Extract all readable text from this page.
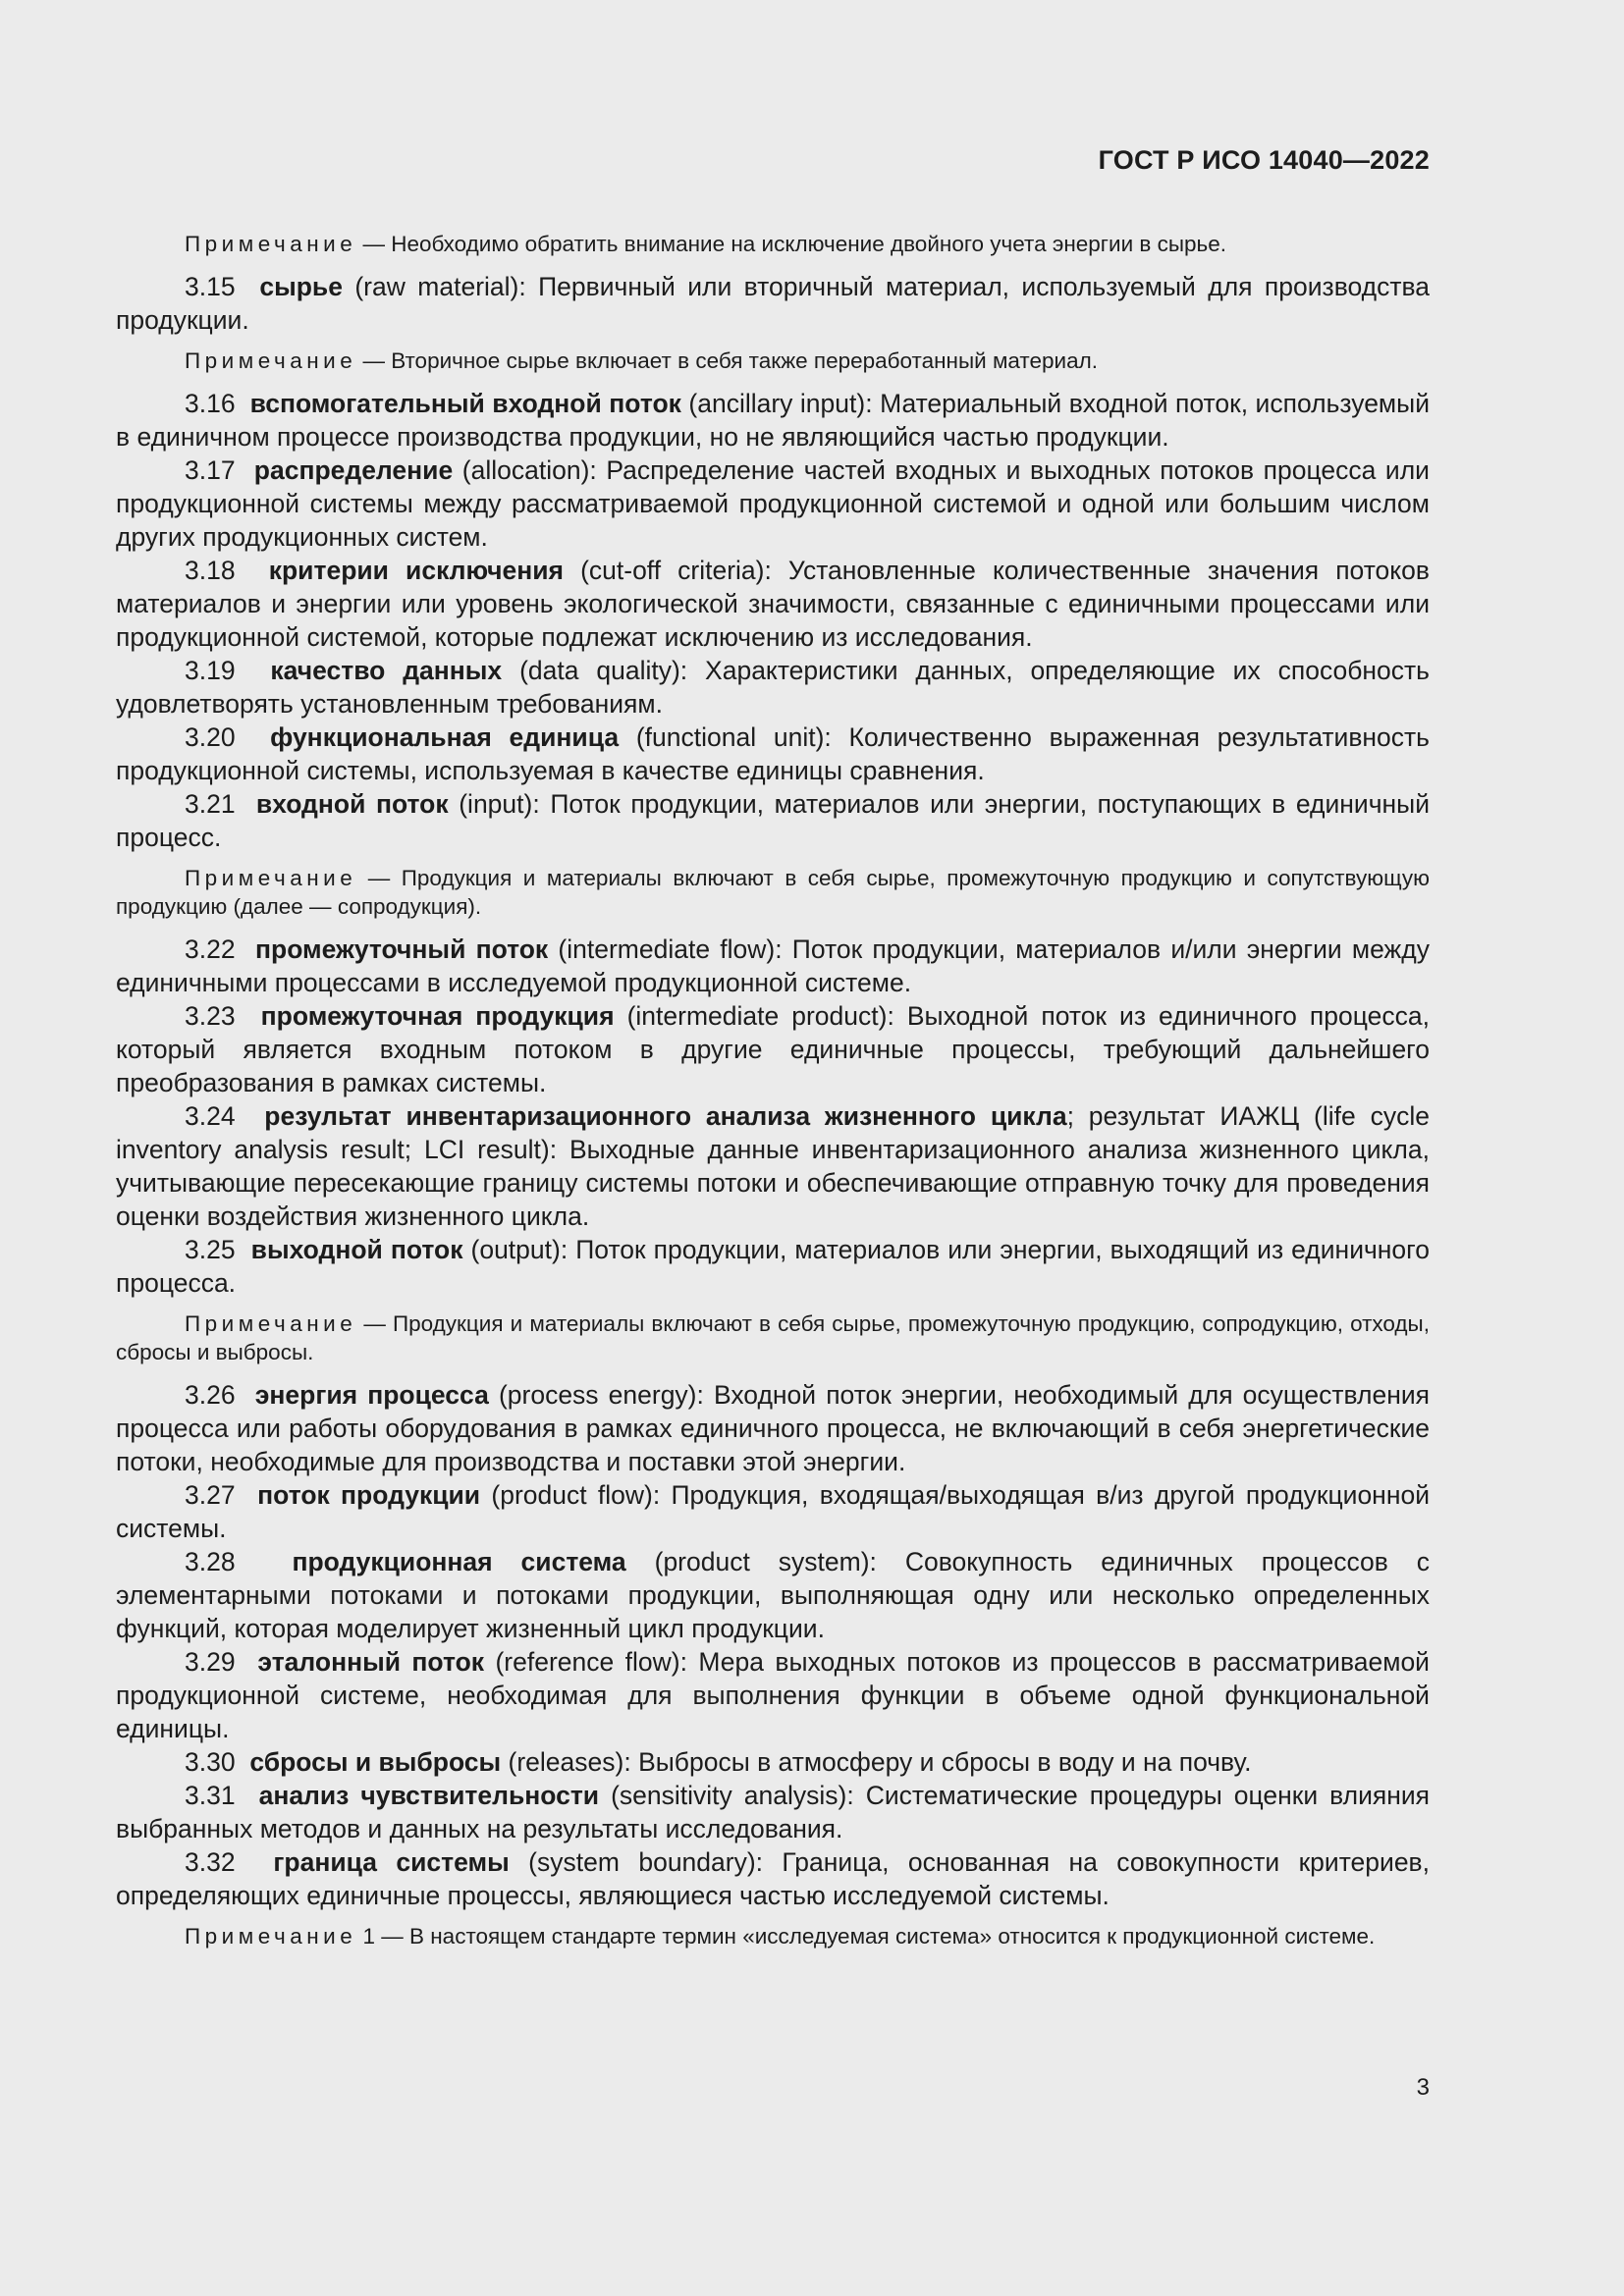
ГОСТ Р ИСО 14040—2022

Примечание — Необходимо обратить внимание на исключение двойного учета энергии в сырье.

3.15 сырье (raw material): Первичный или вторичный материал, используемый для производства продукции.

Примечание — Вторичное сырье включает в себя также переработанный материал.

3.16 вспомогательный входной поток (ancillary input): Материальный входной поток, используемый в единичном процессе производства продукции, но не являющийся частью продукции.

3.17 распределение (allocation): Распределение частей входных и выходных потоков процесса или продукционной системы между рассматриваемой продукционной системой и одной или большим числом других продукционных систем.

3.18 критерии исключения (cut-off criteria): Установленные количественные значения потоков материалов и энергии или уровень экологической значимости, связанные с единичными процессами или продукционной системой, которые подлежат исключению из исследования.

3.19 качество данных (data quality): Характеристики данных, определяющие их способность удовлетворять установленным требованиям.

3.20 функциональная единица (functional unit): Количественно выраженная результативность продукционной системы, используемая в качестве единицы сравнения.

3.21 входной поток (input): Поток продукции, материалов или энергии, поступающих в единичный процесс.

Примечание — Продукция и материалы включают в себя сырье, промежуточную продукцию и сопутствующую продукцию (далее — сопродукция).

3.22 промежуточный поток (intermediate flow): Поток продукции, материалов и/или энергии между единичными процессами в исследуемой продукционной системе.

3.23 промежуточная продукция (intermediate product): Выходной поток из единичного процесса, который является входным потоком в другие единичные процессы, требующий дальнейшего преобразования в рамках системы.

3.24 результат инвентаризационного анализа жизненного цикла; результат ИАЖЦ (life cycle inventory analysis result; LCI result): Выходные данные инвентаризационного анализа жизненного цикла, учитывающие пересекающие границу системы потоки и обеспечивающие отправную точку для проведения оценки воздействия жизненного цикла.

3.25 выходной поток (output): Поток продукции, материалов или энергии, выходящий из единичного процесса.

Примечание — Продукция и материалы включают в себя сырье, промежуточную продукцию, сопродукцию, отходы, сбросы и выбросы.

3.26 энергия процесса (process energy): Входной поток энергии, необходимый для осуществления процесса или работы оборудования в рамках единичного процесса, не включающий в себя энергетические потоки, необходимые для производства и поставки этой энергии.

3.27 поток продукции (product flow): Продукция, входящая/выходящая в/из другой продукционной системы.

3.28 продукционная система (product system): Совокупность единичных процессов с элементарными потоками и потоками продукции, выполняющая одну или несколько определенных функций, которая моделирует жизненный цикл продукции.

3.29 эталонный поток (reference flow): Мера выходных потоков из процессов в рассматриваемой продукционной системе, необходимая для выполнения функции в объеме одной функциональной единицы.

3.30 сбросы и выбросы (releases): Выбросы в атмосферу и сбросы в воду и на почву.

3.31 анализ чувствительности (sensitivity analysis): Систематические процедуры оценки влияния выбранных методов и данных на результаты исследования.

3.32 граница системы (system boundary): Граница, основанная на совокупности критериев, определяющих единичные процессы, являющиеся частью исследуемой системы.

Примечание 1 — В настоящем стандарте термин «исследуемая система» относится к продукционной системе.

3
